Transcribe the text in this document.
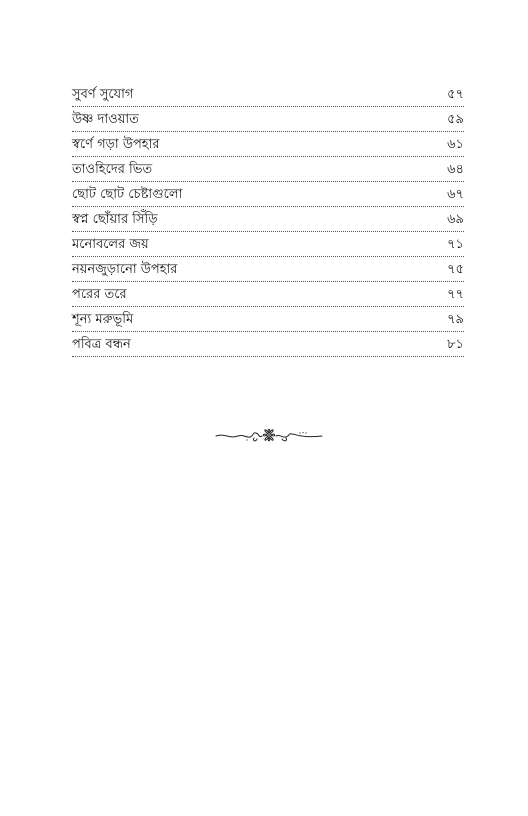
সুবর্ণ সুযোগ	৫৭
উষ্ণ দাওয়াত	৫৯
স্বর্ণে গড়া উপহার	৬১
তাওহিদের ভিত	৬৪
ছোট ছোট চেষ্টাগুলো	৬৭
স্বপ্ন ছোঁয়ার সিঁড়ি	৬৯
মনোবলের জয়	৭১
নয়নজুড়ানো উপহার	৭৫
পরের তরে	৭৭
শূন্য মরুভূমি	৭৯
পবিত্র বন্ধন	৮১
